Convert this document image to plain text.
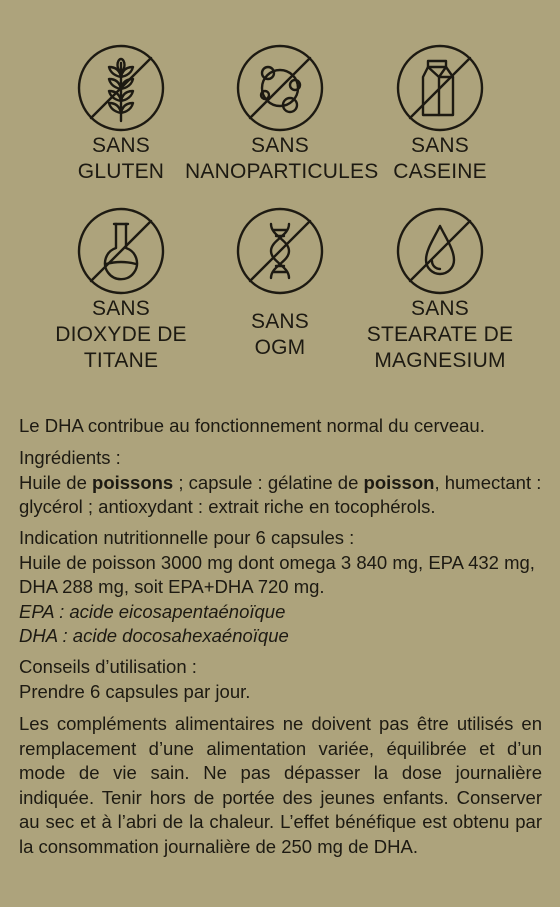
SANS
GLUTEN
SANS
NANOPARTICULES
SANS
CASEINE
SANS
DIOXYDE DE
TITANE
SANS
OGM
SANS
STEARATE DE
MAGNESIUM

Le DHA contribue au fonctionnement normal du cerveau.

Ingrédients :

Huile de poissons ; capsule : gélatine de poisson, humectant : glycérol ; antioxydant : extrait riche en tocophérols.

Indication nutritionnelle pour 6 capsules :

Huile de poisson 3000 mg dont omega 3 840 mg, EPA 432 mg, DHA 288 mg, soit EPA+DHA 720 mg.

EPA : acide eicosapentaénoïque

DHA : acide docosahexaénoïque

Conseils d’utilisation :

Prendre 6 capsules par jour.

Les compléments alimentaires ne doivent pas être utilisés en remplacement d’une alimentation variée, équilibrée et d’un mode de vie sain. Ne pas dépasser la dose journalière indiquée. Tenir hors de portée des jeunes enfants. Conserver au sec et à l’abri de la chaleur. L’effet bénéfique est obtenu par la consommation journalière de 250 mg de DHA.
